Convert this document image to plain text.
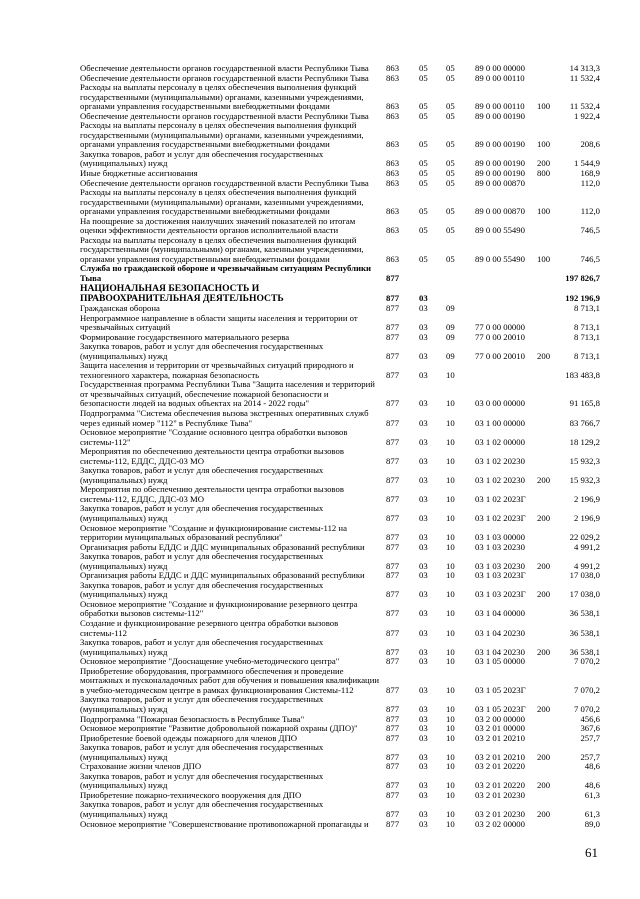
Обеспечение деятельности органов государственной власти Республики Тыва	863	05	05	89 0 00 00000	14 313,3
Обеспечение деятельности органов государственной власти Республики Тыва	863	05	05	89 0 00 00110	11 532,4
Расходы на выплаты персоналу в целях обеспечения выполнения функций государственными (муниципальными) органами, казенными учреждениями, органами управления государственными внебюджетными фондами	863	05	05	89 0 00 00110	100	11 532,4
Обеспечение деятельности органов государственной власти Республики Тыва	863	05	05	89 0 00 00190	1 922,4
Расходы на выплаты персоналу в целях обеспечения выполнения функций государственными (муниципальными) органами, казенными учреждениями, органами управления государственными внебюджетными фондами	863	05	05	89 0 00 00190	100	208,6
Закупка товаров, работ и услуг для обеспечения государственных (муниципальных) нужд	863	05	05	89 0 00 00190	200	1 544,9
Иные бюджетные ассигнования	863	05	05	89 0 00 00190	800	168,9
Обеспечение деятельности органов государственной власти Республики Тыва	863	05	05	89 0 00 00870	112,0
Расходы на выплаты персоналу в целях обеспечения выполнения функций государственными (муниципальными) органами, казенными учреждениями, органами управления государственными внебюджетными фондами	863	05	05	89 0 00 00870	100	112,0
На поощрение за достижения наилучших значений показателей по итогам оценки эффективности деятельности органов исполнительной власти	863	05	05	89 0 00 55490	746,5
Расходы на выплаты персоналу в целях обеспечения выполнения функций государственными (муниципальными) органами, казенными учреждениями, органами управления государственными внебюджетными фондами	863	05	05	89 0 00 55490	100	746,5
Служба по гражданской обороне и чрезвычайным ситуациям Республики Тыва	877	197 826,7
НАЦИОНАЛЬНАЯ БЕЗОПАСНОСТЬ И ПРАВООХРАНИТЕЛЬНАЯ ДЕЯТЕЛЬНОСТЬ	877	03	192 196,9
Гражданская оборона	877	03	09	8 713,1
Непрограммное направление в области защиты населения и территории от чрезвычайных ситуаций	877	03	09	77 0 00 00000	8 713,1
Формирование государственного материального резерва	877	03	09	77 0 00 20010	8 713,1
Закупка товаров, работ и услуг для обеспечения государственных (муниципальных) нужд	877	03	09	77 0 00 20010	200	8 713,1
Защита населения и территории от чрезвычайных ситуаций природного и техногенного характера, пожарная безопасность	877	03	10	183 483,8
Государственная программа Республики Тыва "Защита населения и территорий от чрезвычайных ситуаций, обеспечение пожарной безопасности и безопасности людей на водных объектах на 2014 - 2022 годы"	877	03	10	03 0 00 00000	91 165,8
Подпрограмма "Система обеспечения вызова экстренных оперативных служб через единый номер "112" в Республике Тыва"	877	03	10	03 1 00 00000	83 766,7
Основное мероприятие "Создание основного центра обработки вызовов системы-112"	877	03	10	03 1 02 00000	18 129,2
Мероприятия по обеспечению деятельности центра отработки вызовов системы-112, ЕДДС, ДДС-03 МО	877	03	10	03 1 02 20230	15 932,3
Закупка товаров, работ и услуг для обеспечения государственных (муниципальных) нужд	877	03	10	03 1 02 20230	200	15 932,3
Мероприятия по обеспечению деятельности центра отработки вызовов системы-112, ЕДДС, ДДС-03 МО	877	03	10	03 1 02 2023Г	2 196,9
Закупка товаров, работ и услуг для обеспечения государственных (муниципальных) нужд	877	03	10	03 1 02 2023Г	200	2 196,9
Основное мероприятие "Создание и функционирование системы-112 на территории муниципальных образований республики"	877	03	10	03 1 03 00000	22 029,2
Организация работы ЕДДС и ДДС муниципальных образований республики	877	03	10	03 1 03 20230	4 991,2
Закупка товаров, работ и услуг для обеспечения государственных (муниципальных) нужд	877	03	10	03 1 03 20230	200	4 991,2
Организация работы ЕДДС и ДДС муниципальных образований республики	877	03	10	03 1 03 2023Г	17 038,0
Закупка товаров, работ и услуг для обеспечения государственных (муниципальных) нужд	877	03	10	03 1 03 2023Г	200	17 038,0
Основное мероприятие "Создание и функционирование резервного центра обработки вызовов системы-112"	877	03	10	03 1 04 00000	36 538,1
Создание и функционирование резервного центра обработки вызовов системы-112	877	03	10	03 1 04 20230	36 538,1
Закупка товаров, работ и услуг для обеспечения государственных (муниципальных) нужд	877	03	10	03 1 04 20230	200	36 538,1
Основное мероприятие "Дооснащение учебно-методического центра"	877	03	10	03 1 05 00000	7 070,2
Приобретение оборудования, программного обеспечения и проведение монтажных и пусконаладочных работ для обучения и повышения квалификации в учебно-методическом центре в рамках функционирования Системы-112	877	03	10	03 1 05 2023Г	7 070,2
Закупка товаров, работ и услуг для обеспечения государственных (муниципальных) нужд	877	03	10	03 1 05 2023Г	200	7 070,2
Подпрограмма "Пожарная безопасность в Республике Тыва"	877	03	10	03 2 00 00000	456,6
Основное мероприятие "Развитие добровольной пожарной охраны (ДПО)"	877	03	10	03 2 01 00000	367,6
Приобретение боевой одежды пожарного для членов ДПО	877	03	10	03 2 01 20210	257,7
Закупка товаров, работ и услуг для обеспечения государственных (муниципальных) нужд	877	03	10	03 2 01 20210	200	257,7
Страхование жизни членов ДПО	877	03	10	03 2 01 20220	48,6
Закупка товаров, работ и услуг для обеспечения государственных (муниципальных) нужд	877	03	10	03 2 01 20220	200	48,6
Приобретение пожарно-технического вооружения для ДПО	877	03	10	03 2 01 20230	61,3
Закупка товаров, работ и услуг для обеспечения государственных (муниципальных) нужд	877	03	10	03 2 01 20230	200	61,3
Основное мероприятие "Совершенствование противопожарной пропаганды и	877	03	10	03 2 02 00000	89,0
61
